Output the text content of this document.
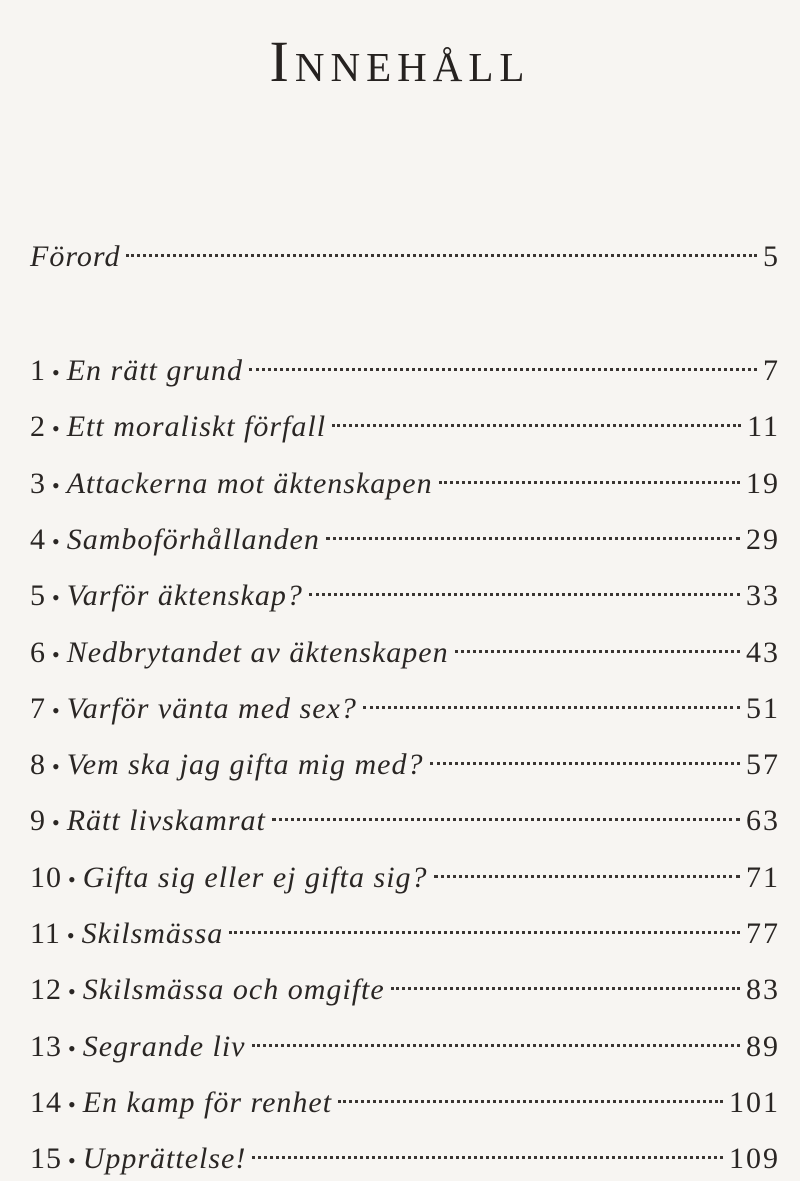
Innehåll
Förord	5
1 • En rätt grund	7
2 • Ett moraliskt förfall	11
3 • Attackerna mot äktenskapen	19
4 • Samboförhållanden	29
5 • Varför äktenskap?	33
6 • Nedbrytandet av äktenskapen	43
7 • Varför vänta med sex?	51
8 • Vem ska jag gifta mig med?	57
9 • Rätt livskamrat	63
10 • Gifta sig eller ej gifta sig?	71
11 • Skilsmässa	77
12 • Skilsmässa och omgifte	83
13 • Segrande liv	89
14 • En kamp för renhet	101
15 • Upprättelse!	109
